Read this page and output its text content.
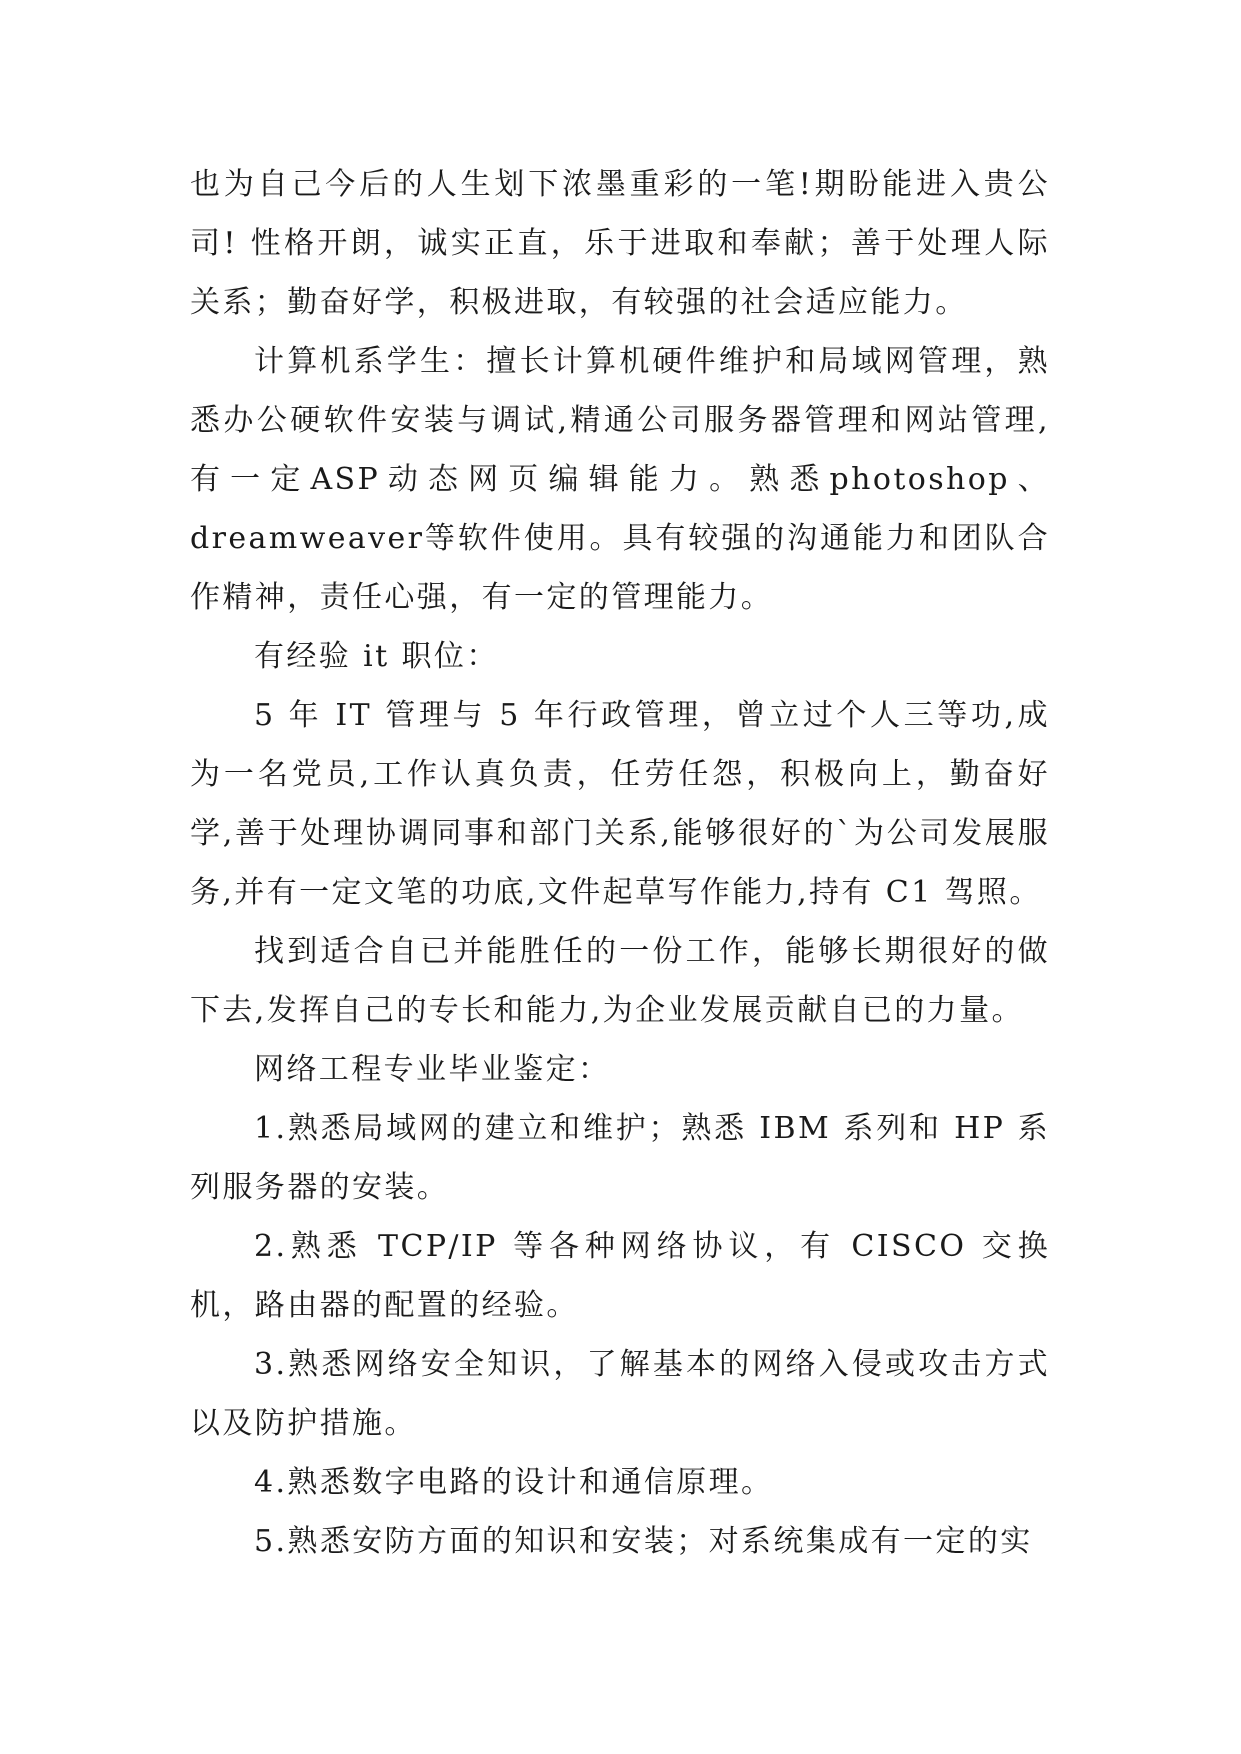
也为自己今后的人生划下浓墨重彩的一笔!期盼能进入贵公司! 性格开朗，诚实正直，乐于进取和奉献；善于处理人际关系；勤奋好学，积极进取，有较强的社会适应能力。

计算机系学生：擅长计算机硬件维护和局域网管理，熟悉办公硬软件安装与调试,精通公司服务器管理和网站管理,有一定ASP动态网页编辑能力。熟悉photoshop、dreamweaver等软件使用。具有较强的沟通能力和团队合作精神，责任心强，有一定的管理能力。

有经验 it 职位：

5 年 IT 管理与 5 年行政管理，曾立过个人三等功,成为一名党员,工作认真负责，任劳任怨，积极向上，勤奋好学,善于处理协调同事和部门关系,能够很好的`为公司发展服务,并有一定文笔的功底,文件起草写作能力,持有 C1 驾照。

找到适合自已并能胜任的一份工作，能够长期很好的做下去,发挥自己的专长和能力,为企业发展贡献自已的力量。

网络工程专业毕业鉴定：

1.熟悉局域网的建立和维护；熟悉 IBM 系列和 HP 系列服务器的安装。

2.熟悉 TCP/IP 等各种网络协议，有 CISCO 交换机，路由器的配置的经验。

3.熟悉网络安全知识，了解基本的网络入侵或攻击方式以及防护措施。

4.熟悉数字电路的设计和通信原理。

5.熟悉安防方面的知识和安装；对系统集成有一定的实
